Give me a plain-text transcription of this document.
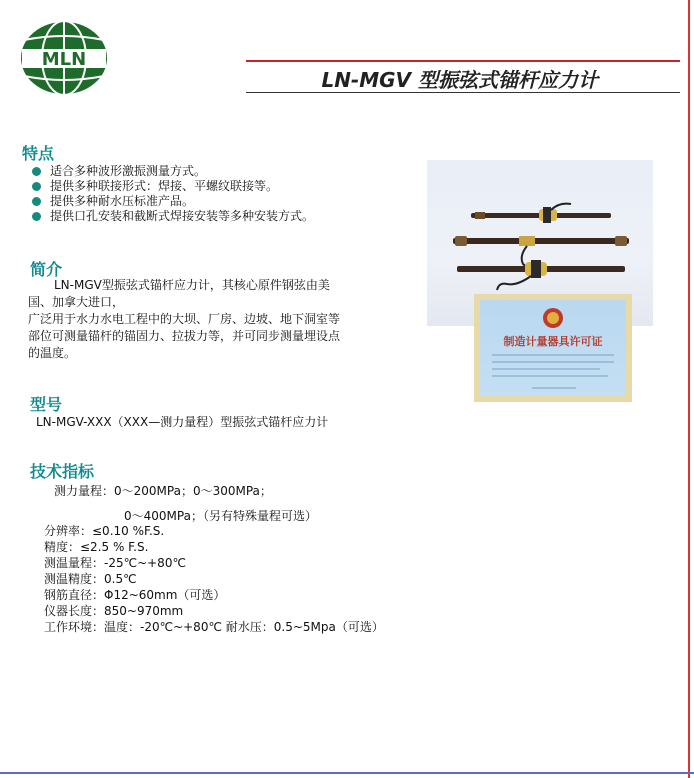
MLN
LN-MGV 型振弦式锚杆应力计
特点
适合多种波形激振测量方式。
提供多种联接形式：焊接、平螺纹联接等。
提供多种耐水压标准产品。
提供口孔安装和截断式焊接安装等多种安装方式。
简介

LN-MGV型振弦式锚杆应力计，其核心原件钢弦由美

国、加拿大进口，

广泛用于水力水电工程中的大坝、厂房、边坡、地下洞室等

部位可测量锚杆的锚固力、拉拔力等，并可同步测量埋设点

的温度。

型号
LN-MGV-XXX（XXX—测力量程）型振弦式锚杆应力计
技术指标
测力量程：0～200MPa；0～300MPa；
0～400MPa；（另有特殊量程可选）
分辨率：≤0.10 %F.S.
精度：≤2.5 % F.S.
测温量程：-25℃~+80℃
测温精度：0.5℃
钢筋直径：Φ12~60mm（可选）
仪器长度：850~970mm
工作环境：温度：-20℃~+80℃ 耐水压：0.5~5Mpa（可选）
制造计量器具许可证
